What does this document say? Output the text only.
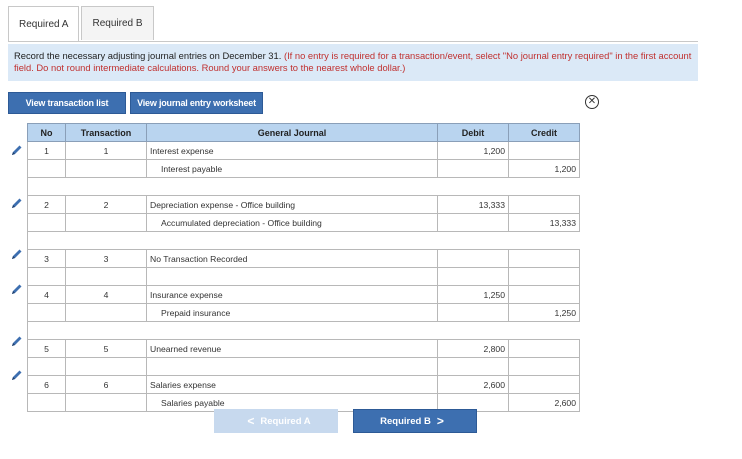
Required A	Required B
Record the necessary adjusting journal entries on December 31. (If no entry is required for a transaction/event, select "No journal entry required" in the first account field. Do not round intermediate calculations. Round your answers to the nearest whole dollar.)
View transaction list	View journal entry worksheet	✕
No	Transaction	General Journal	Debit	Credit
1	1	Interest expense	1,200	
		Interest payable		1,200

2	2	Depreciation expense - Office building	13,333	
		Accumulated depreciation - Office building		13,333

3	3	No Transaction Recorded		

4	4	Insurance expense	1,250	
		Prepaid insurance		1,250

5	5	Unearned revenue	2,800	

6	6	Salaries expense	2,600	
		Salaries payable		2,600
< Required A	Required B >
